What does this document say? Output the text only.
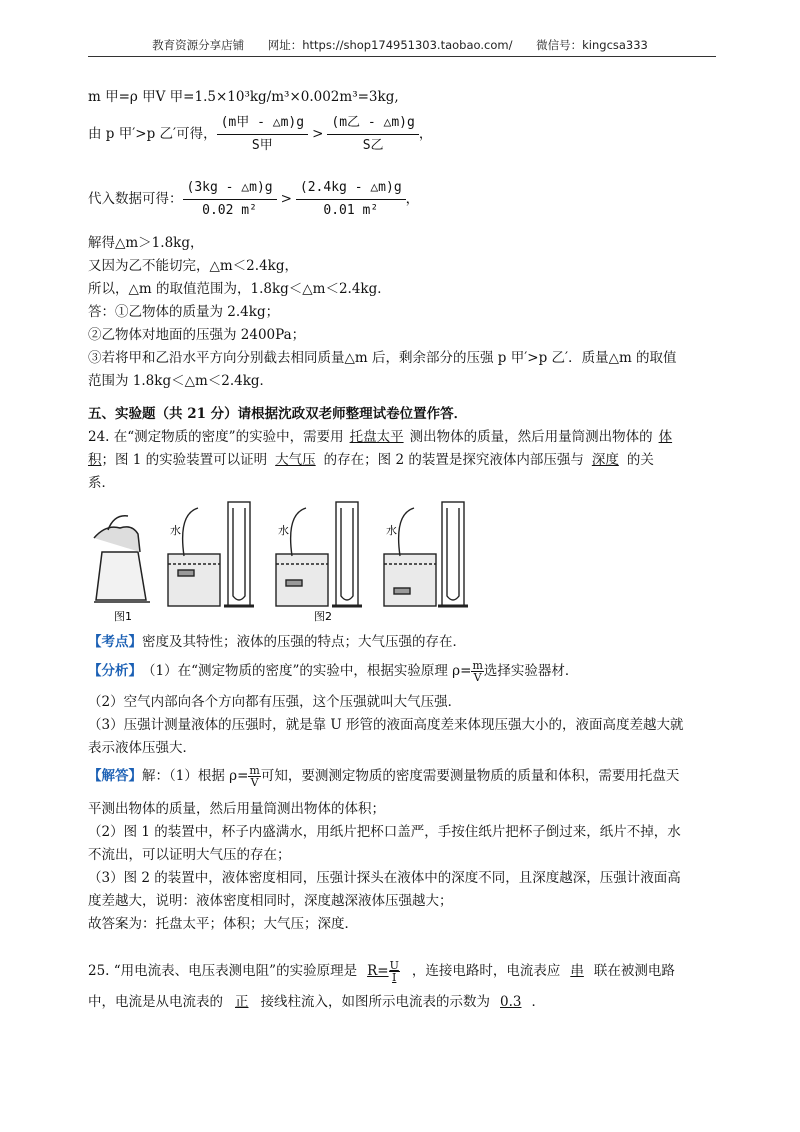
教育资源分享店铺 网址：https://shop174951303.taobao.com/ 微信号：kingcsa333
m 甲=ρ 甲V 甲=1.5×10³kg/m³×0.002m³=3kg,
由 p 甲′>p 乙′可得， $\frac{\text{(m甲 - △m)g}}{\text{S甲}} > \frac{\text{(m乙 - △m)g}}{\text{S乙}}$ ，
代入数据可得： $\frac{(3kg - \triangle m)g}{\text{0.02 m²}} > \frac{(2.4kg - \triangle m)g}{\text{0.01 m²}}$ ，
解得△m＞1.8kg，
又因为乙不能切完，△m＜2.4kg，
所以，△m 的取值范围为，1.8kg＜△m＜2.4kg．
答：①乙物体的质量为 2.4kg；
②乙物体对地面的压强为 2400Pa；
③若将甲和乙沿水平方向分别截去相同质量△m 后，剩余部分的压强 p 甲′>p 乙′．质量△m 的取值
范围为 1.8kg＜△m＜2.4kg．
五、实验题（共 21 分）请根据沈政双老师整理试卷位置作答．
24. 在“测定物质的密度”的实验中，需要用 托盘太平 测出物体的质量，然后用量筒测出物体的 体
积；图 1 的实验装置可以证明 大气压 的存在；图 2 的装置是探究液体内部压强与 深度 的关
系．
水	水	水
图1	图2
【考点】密度及其特性；液体的压强的特点；大气压强的存在．
【分析】 （1）在“测定物质的密度”的实验中，根据实验原理 $\rho= \frac{m}{V}$ 选择实验器材．
（2）空气内部向各个方向都有压强，这个压强就叫大气压强．
（3）压强计测量液体的压强时，就是靠 U 形管的液面高度差来体现压强大小的，液面高度差越大就
表示液体压强大．
【解答】 解：（1）根据 $\rho= \frac{m}{V}$ 可知，要测测定物质的密度需要测量物质的质量和体积，需要用托盘天
平测出物体的质量，然后用量筒测出物体的体积；
（2）图 1 的装置中，杯子内盛满水，用纸片把杯口盖严，手按住纸片把杯子倒过来，纸片不掉，水
不流出，可以证明大气压的存在；
（3）图 2 的装置中，液体密度相同，压强计探头在液体中的深度不同，且深度越深，压强计液面高
度差越大，说明：液体密度相同时，深度越深液体压强越大；
故答案为：托盘太平；体积；大气压；深度．
25. “用电流表、电压表测电阻”的实验原理是 $R= \frac{U}{I}$ ，连接电路时，电流表应 串 联在被测电路
中，电流是从电流表的 正 接线柱流入，如图所示电流表的示数为 0.3 ．
